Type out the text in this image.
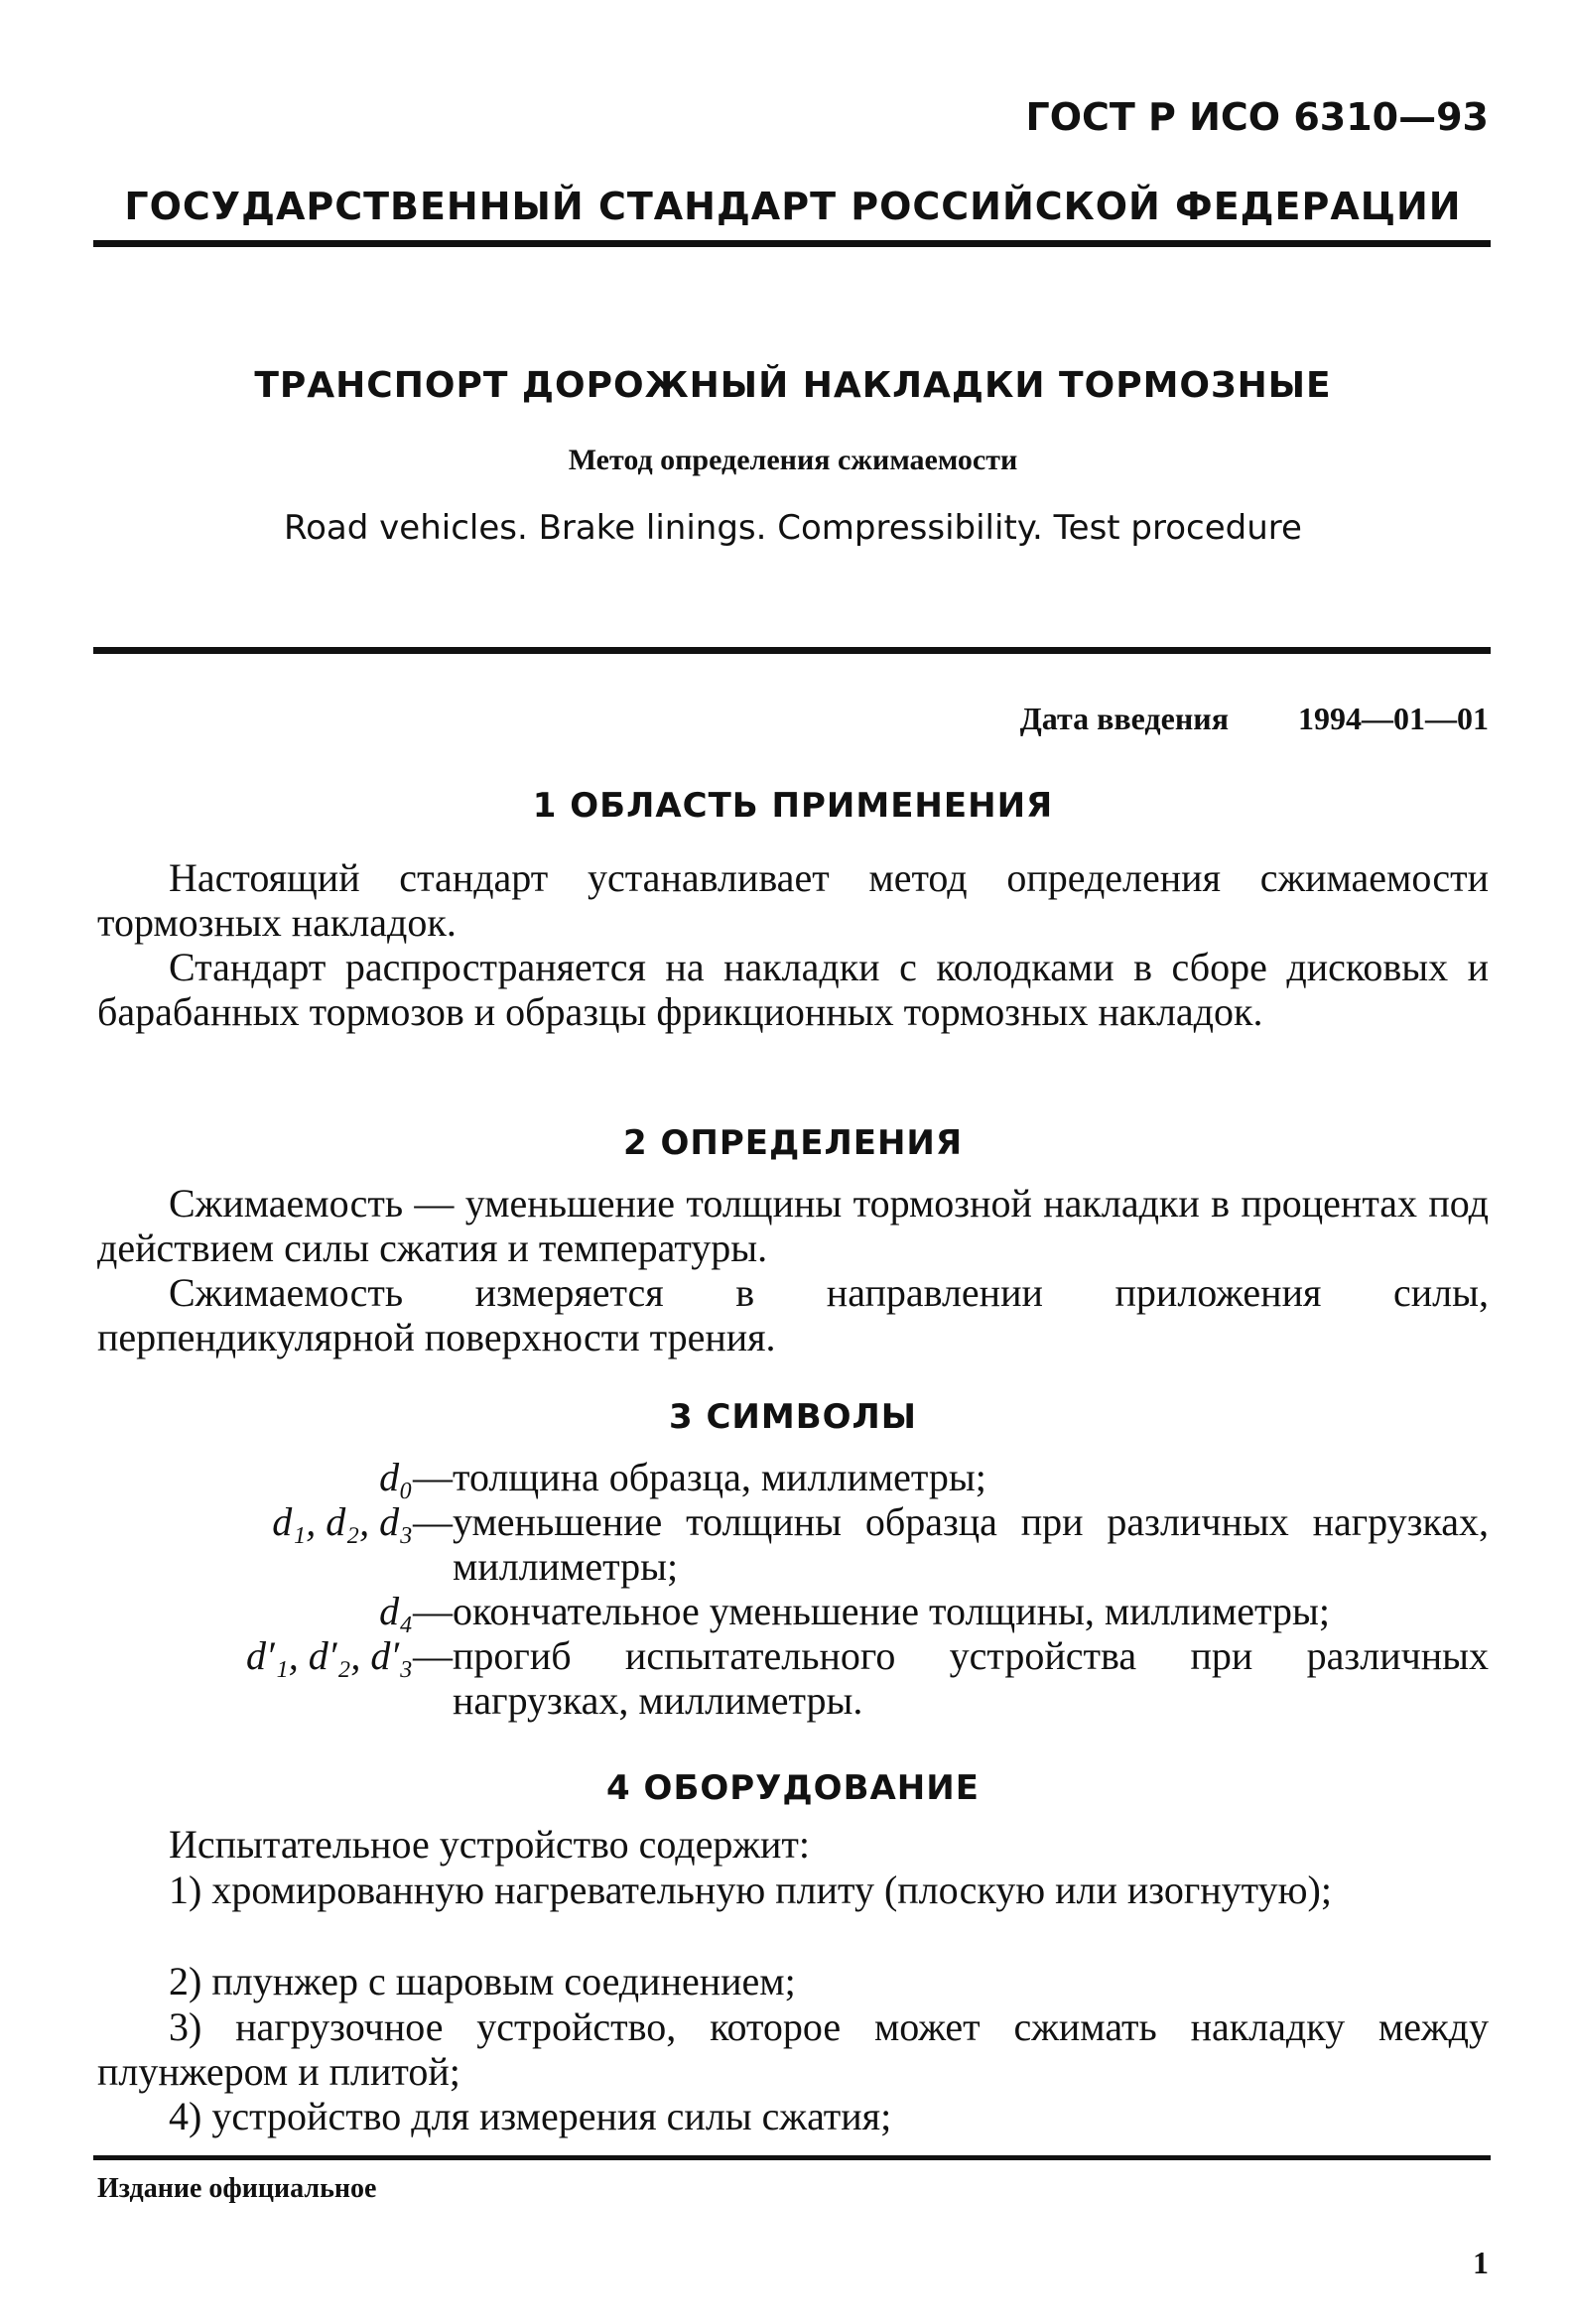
ГОСТ Р ИСО 6310—93
ГОСУДАРСТВЕННЫЙ СТАНДАРТ РОССИЙСКОЙ ФЕДЕРАЦИИ
ТРАНСПОРТ ДОРОЖНЫЙ НАКЛАДКИ ТОРМОЗНЫЕ
Метод определения сжимаемости
Road vehicles. Brake linings. Compressibility. Test procedure
Дата введения 1994—01—01
1 ОБЛАСТЬ ПРИМЕНЕНИЯ
Настоящий стандарт устанавливает метод определения сжимаемости тормозных накладок.
Стандарт распространяется на накладки с колодками в сборе дисковых и барабанных тормозов и образцы фрикционных тормозных накладок.
2 ОПРЕДЕЛЕНИЯ
Сжимаемость — уменьшение толщины тормозной накладки в процентах под действием силы сжатия и температуры.
Сжимаемость измеряется в направлении приложения силы, перпендикулярной поверхности трения.
3 СИМВОЛЫ
d₀ — толщина образца, миллиметры;
d₁, d₂, d₃ — уменьшение толщины образца при различных нагрузках, миллиметры;
d₄ — окончательное уменьшение толщины, миллиметры;
d′₁, d′₂, d′₃ — прогиб испытательного устройства при различных нагрузках, миллиметры.
4 ОБОРУДОВАНИЕ
Испытательное устройство содержит:
1) хромированную нагревательную плиту (плоскую или изогнутую);
2) плунжер с шаровым соединением;
3) нагрузочное устройство, которое может сжимать накладку между плунжером и плитой;
4) устройство для измерения силы сжатия;
Издание официальное
1
